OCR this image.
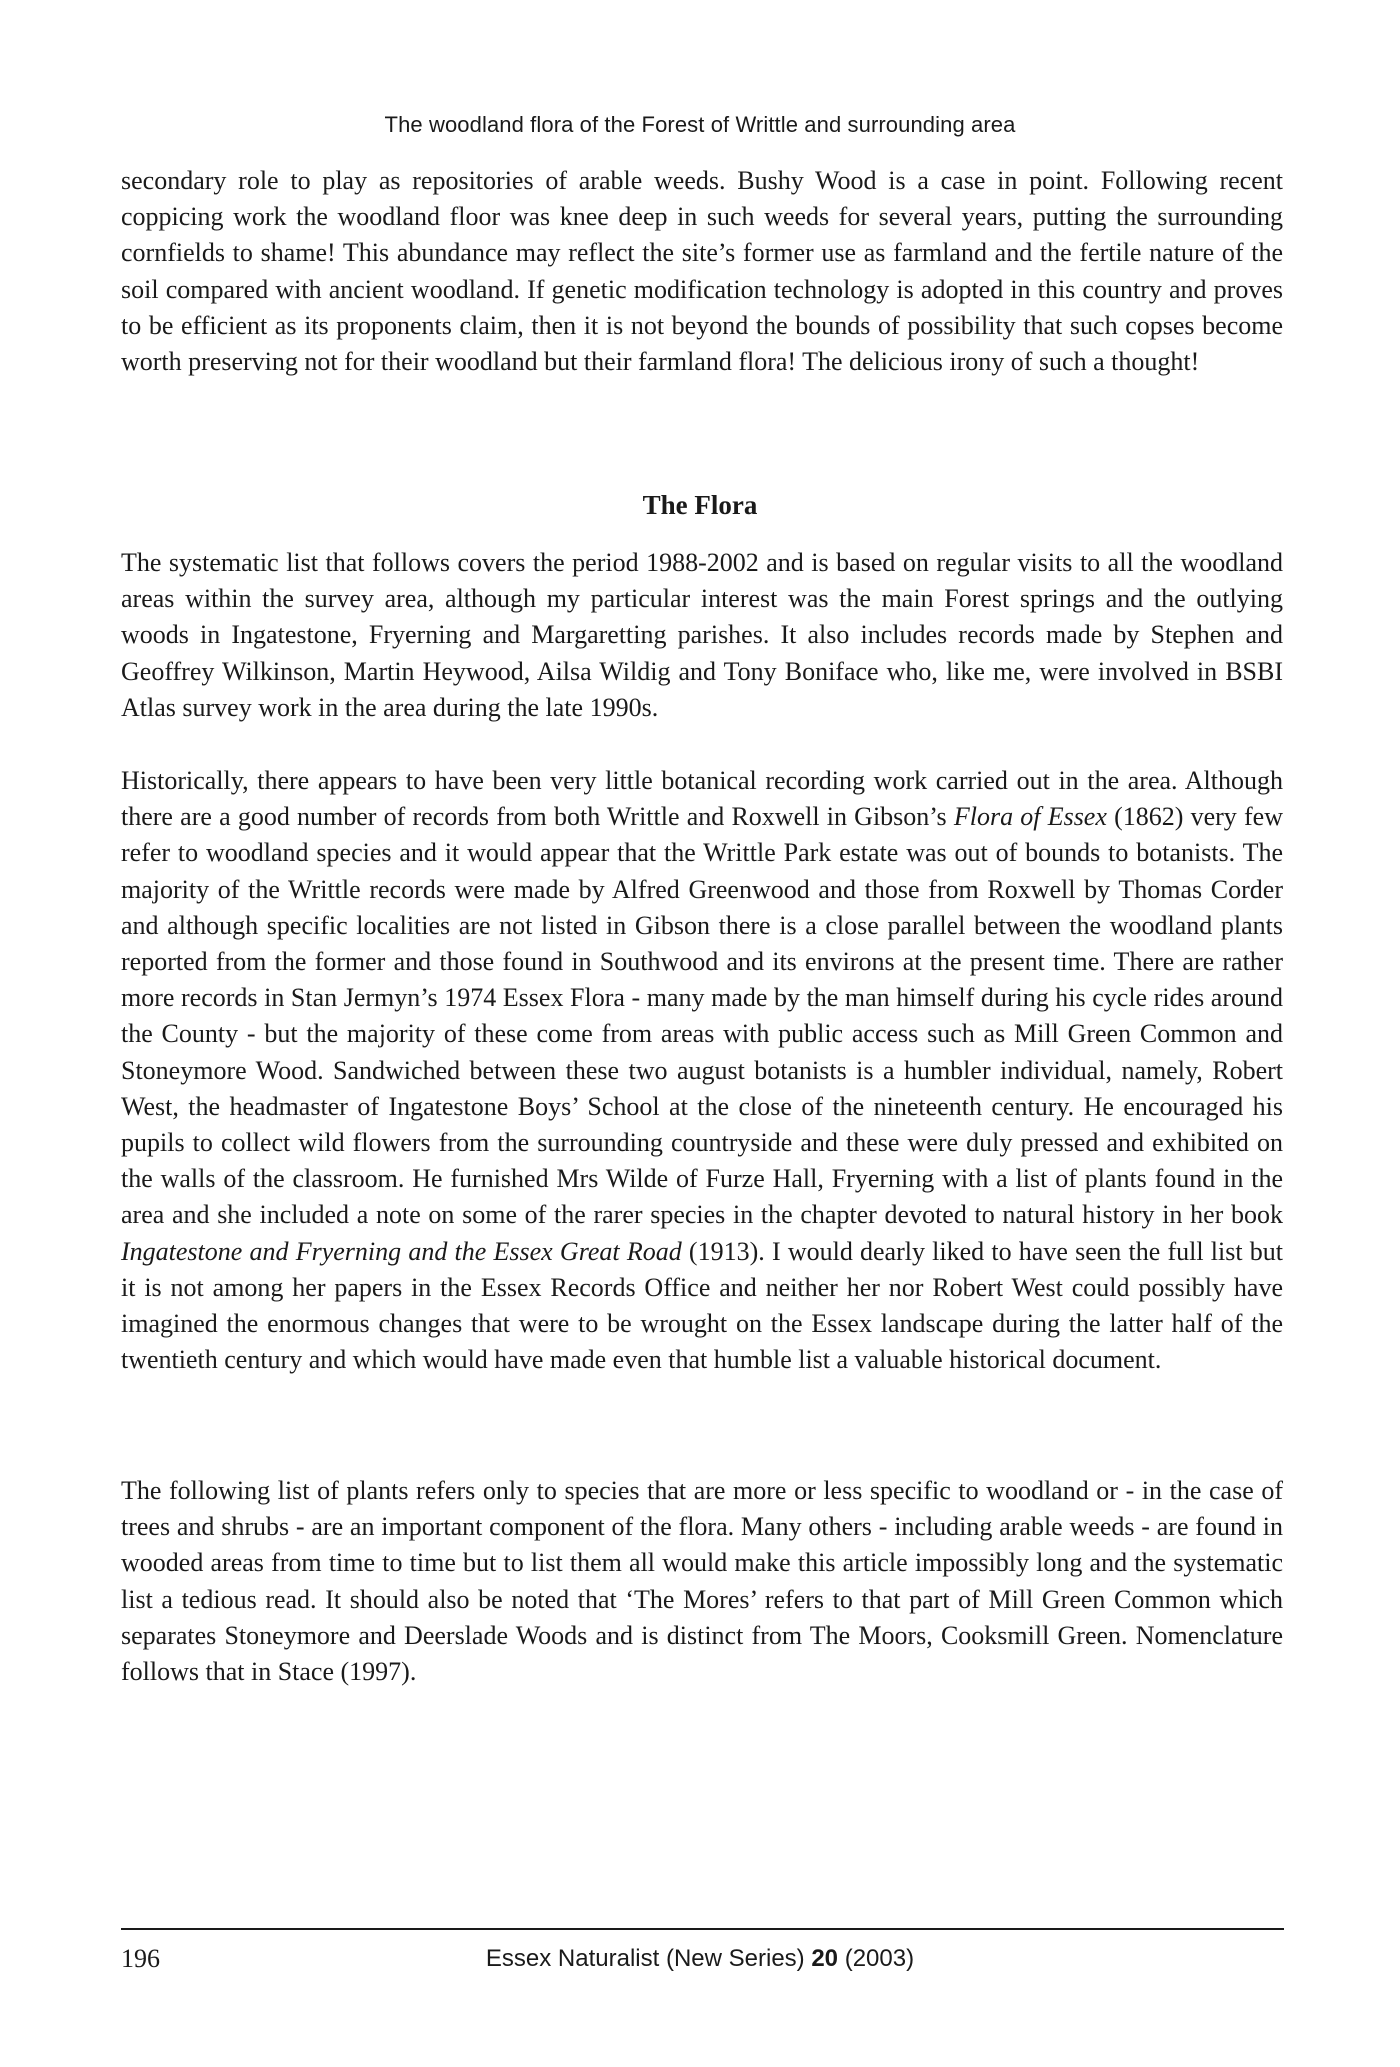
The woodland flora of the Forest of Writtle and surrounding area

secondary role to play as repositories of arable weeds. Bushy Wood is a case in point. Following recent coppicing work the woodland floor was knee deep in such weeds for several years, putting the surrounding cornfields to shame! This abundance may reflect the site’s former use as farmland and the fertile nature of the soil compared with ancient woodland. If genetic modification technology is adopted in this country and proves to be efficient as its proponents claim, then it is not beyond the bounds of possibility that such copses become worth preserving not for their woodland but their farmland flora! The delicious irony of such a thought!

The Flora

The systematic list that follows covers the period 1988-2002 and is based on regular visits to all the woodland areas within the survey area, although my particular interest was the main Forest springs and the outlying woods in Ingatestone, Fryerning and Margaretting parishes. It also includes records made by Stephen and Geoffrey Wilkinson, Martin Heywood, Ailsa Wildig and Tony Boniface who, like me, were involved in BSBI Atlas survey work in the area during the late 1990s.

Historically, there appears to have been very little botanical recording work carried out in the area. Although there are a good number of records from both Writtle and Roxwell in Gibson’s Flora of Essex (1862) very few refer to woodland species and it would appear that the Writtle Park estate was out of bounds to botanists. The majority of the Writtle records were made by Alfred Greenwood and those from Roxwell by Thomas Corder and although specific localities are not listed in Gibson there is a close parallel between the woodland plants reported from the former and those found in Southwood and its environs at the present time. There are rather more records in Stan Jermyn’s 1974 Essex Flora - many made by the man himself during his cycle rides around the County - but the majority of these come from areas with public access such as Mill Green Common and Stoneymore Wood. Sandwiched between these two august botanists is a humbler individual, namely, Robert West, the headmaster of Ingatestone Boys’ School at the close of the nineteenth century. He encouraged his pupils to collect wild flowers from the surrounding countryside and these were duly pressed and exhibited on the walls of the classroom. He furnished Mrs Wilde of Furze Hall, Fryerning with a list of plants found in the area and she included a note on some of the rarer species in the chapter devoted to natural history in her book Ingatestone and Fryerning and the Essex Great Road (1913). I would dearly liked to have seen the full list but it is not among her papers in the Essex Records Office and neither her nor Robert West could possibly have imagined the enormous changes that were to be wrought on the Essex landscape during the latter half of the twentieth century and which would have made even that humble list a valuable historical document.

The following list of plants refers only to species that are more or less specific to woodland or - in the case of trees and shrubs - are an important component of the flora. Many others - including arable weeds - are found in wooded areas from time to time but to list them all would make this article impossibly long and the systematic list a tedious read. It should also be noted that ‘The Mores’ refers to that part of Mill Green Common which separates Stoneymore and Deerslade Woods and is distinct from The Moors, Cooksmill Green. Nomenclature follows that in Stace (1997).

196	Essex Naturalist (New Series) 20 (2003)
